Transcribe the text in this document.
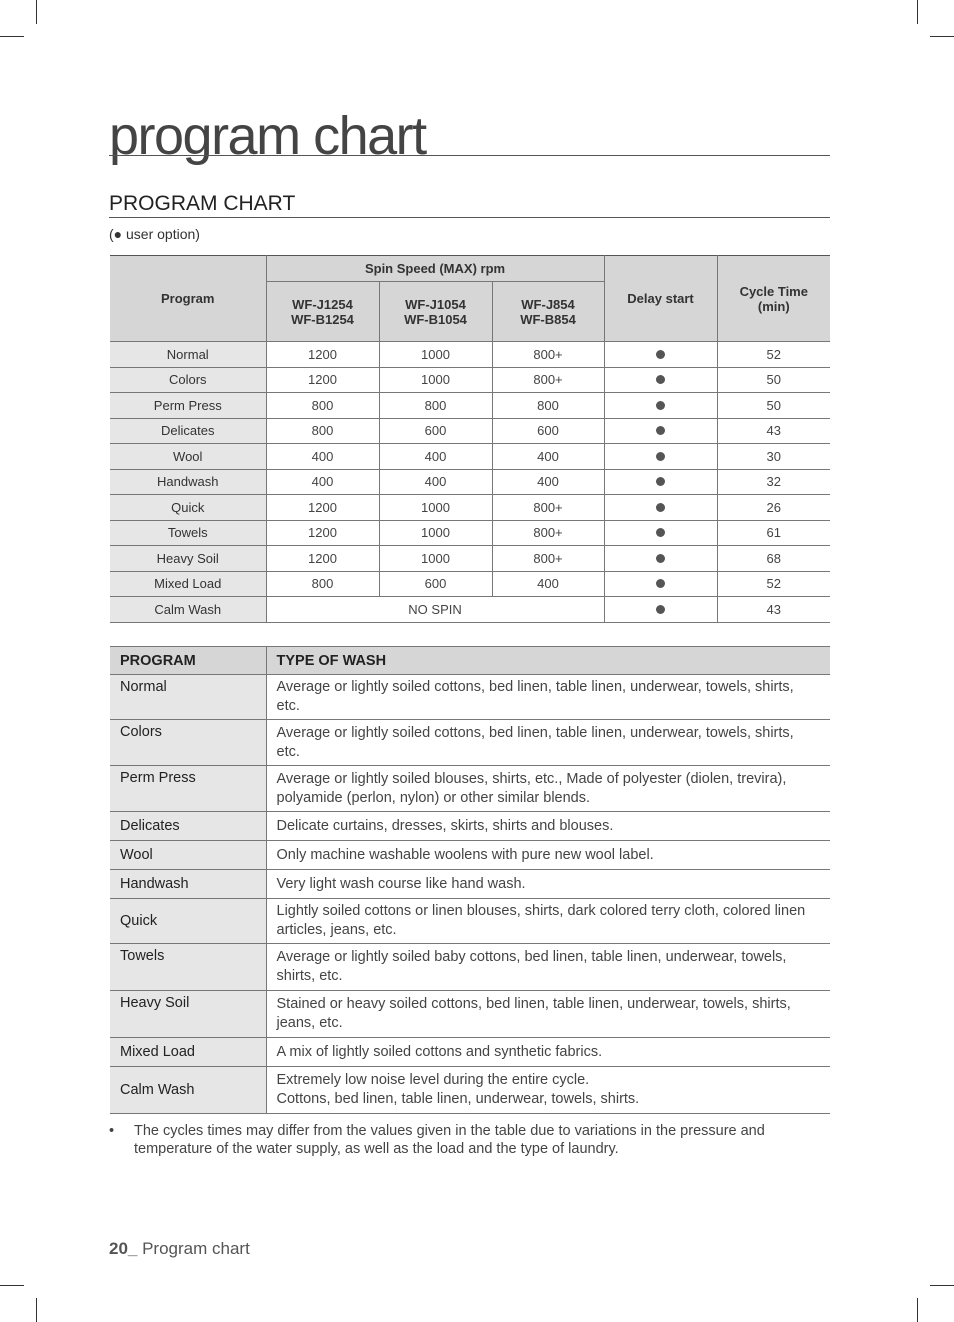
program chart
PROGRAM CHART
(● user option)
Program	Spin Speed (MAX) rpm			Delay start	Cycle Time (min)
	WF-J1254 WF-B1254	WF-J1054 WF-B1054	WF-J854 WF-B854		
Normal	1200	1000	800+		52
Colors	1200	1000	800+		50
Perm Press	800	800	800		50
Delicates	800	600	600		43
Wool	400	400	400		30
Handwash	400	400	400		32
Quick	1200	1000	800+		26
Towels	1200	1000	800+		61
Heavy Soil	1200	1000	800+		68
Mixed Load	800	600	400		52
Calm Wash	NO SPIN				43
PROGRAM	TYPE OF WASH
Normal	Average or lightly soiled cottons, bed linen, table linen, underwear, towels, shirts, etc.

Colors	Average or lightly soiled cottons, bed linen, table linen, underwear, towels, shirts, etc.

Perm Press	Average or lightly soiled blouses, shirts, etc., Made of polyester (diolen, trevira), polyamide (perlon, nylon) or other similar blends.

Delicates	Delicate curtains, dresses, skirts, shirts and blouses.

Wool	Only machine washable woolens with pure new wool label.

Handwash	Very light wash course like hand wash.

Quick	Lightly soiled cottons or linen blouses, shirts, dark colored terry cloth, colored linen articles, jeans, etc.

Towels	Average or lightly soiled baby cottons, bed linen, table linen, underwear, towels, shirts, etc.

Heavy Soil	Stained or heavy soiled cottons, bed linen, table linen, underwear, towels, shirts, jeans, etc.

Mixed Load	A mix of lightly soiled cottons and synthetic fabrics.

Calm Wash	Extremely low noise level during the entire cycle.
Cottons, bed linen, table linen, underwear, towels, shirts.
• The cycles times may differ from the values given in the table due to variations in the pressure and temperature of the water supply, as well as the load and the type of laundry.
20_ Program chart
